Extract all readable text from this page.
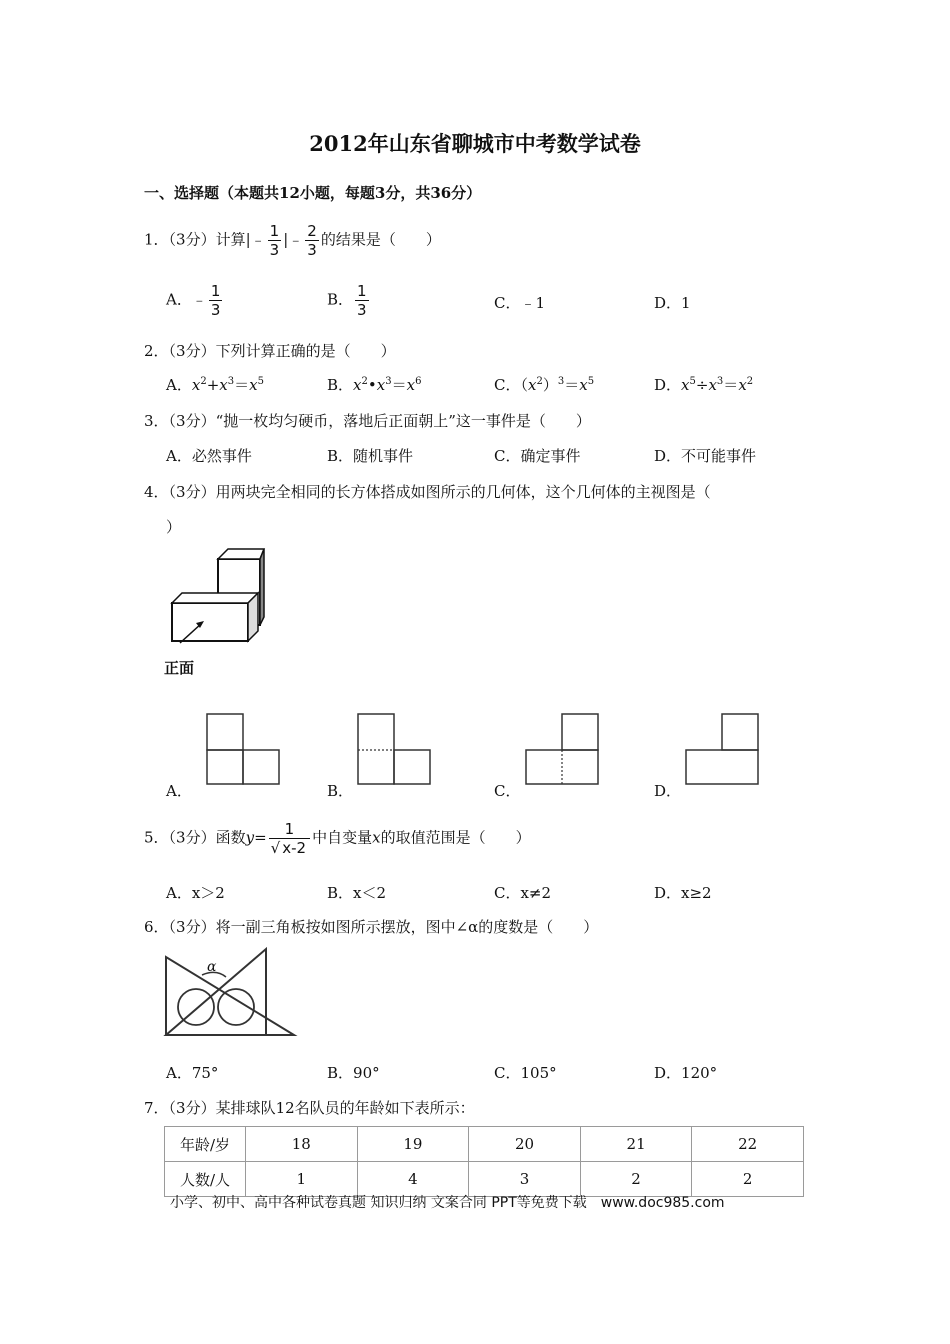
2012年山东省聊城市中考数学试卷
一、选择题（本题共12小题，每题3分，共36分）
1．（3分）计算|﹣ $\frac{1}{3}$ |﹣ $\frac{2}{3}$ 的结果是（　　）
A．﹣ $\frac{1}{3}$	B． $\frac{1}{3}$	C．﹣1	D．1
2．（3分）下列计算正确的是（　　）
A．$x^2+x^3=x^5$	B．$x^2•x^3=x^6$	C．$(x^2)^3=x^5$	D．$x^5\div x^3=x^2$
3．（3分）“抛一枚均匀硬币，落地后正面朝上”这一事件是（　　）
A．必然事件	B．随机事件	C．确定事件	D．不可能事件
4．（3分）用两块完全相同的长方体搭成如图所示的几何体，这个几何体的主视图是（
）
正面
A．	B．	C．	D．
5．（3分）函数$y= \frac{1}{√ x-2}$ 中自变量x的取值范围是（　　）
A．x＞2	B．x＜2	C．x≠2	D．x≥2
6．（3分）将一副三角板按如图所示摆放，图中∠α的度数是（　　）
α
A．75°	B．90°	C．105°	D．120°
7．（3分）某排球队12名队员的年龄如下表所示：
年龄/岁	18	19	20	21	22
人数/人	1	4	3	2	2
小学、初中、高中各种试卷真题 知识归纳 文案合同 PPT等免费下载　www.doc985.com
